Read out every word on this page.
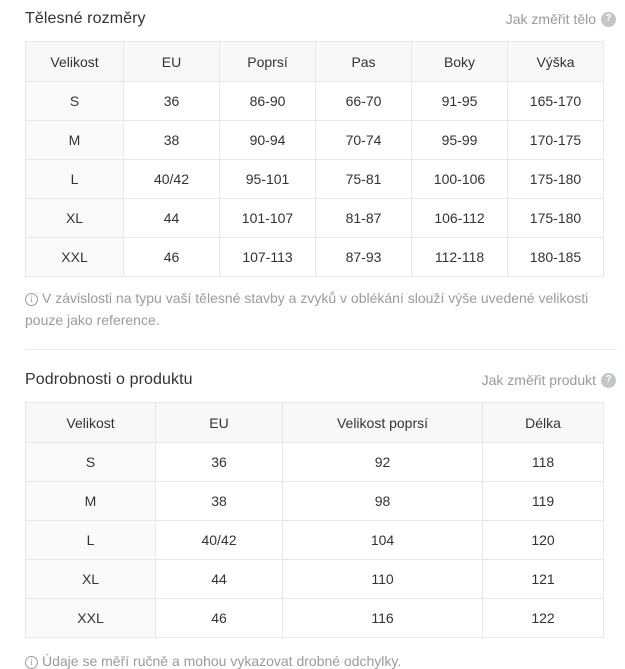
Tělesné rozměry	Jak změřit tělo ?
Velikost	EU	Poprsí	Pas	Boky	Výška
S	36	86-90	66-70	91-95	165-170
M	38	90-94	70-74	95-99	170-175
L	40/42	95-101	75-81	100-106	175-180
XL	44	101-107	81-87	106-112	175-180
XXL	46	107-113	87-93	112-118	180-185

i V závislosti na typu vaší tělesné stavby a zvyků v oblékání slouží výše uvedené velikosti pouze jako reference.

Podrobnosti o produktu	Jak změřit produkt ?
Velikost	EU	Velikost poprsí	Délka
S	36	92	118
M	38	98	119
L	40/42	104	120
XL	44	110	121
XXL	46	116	122

i Údaje se měří ručně a mohou vykazovat drobné odchylky.
